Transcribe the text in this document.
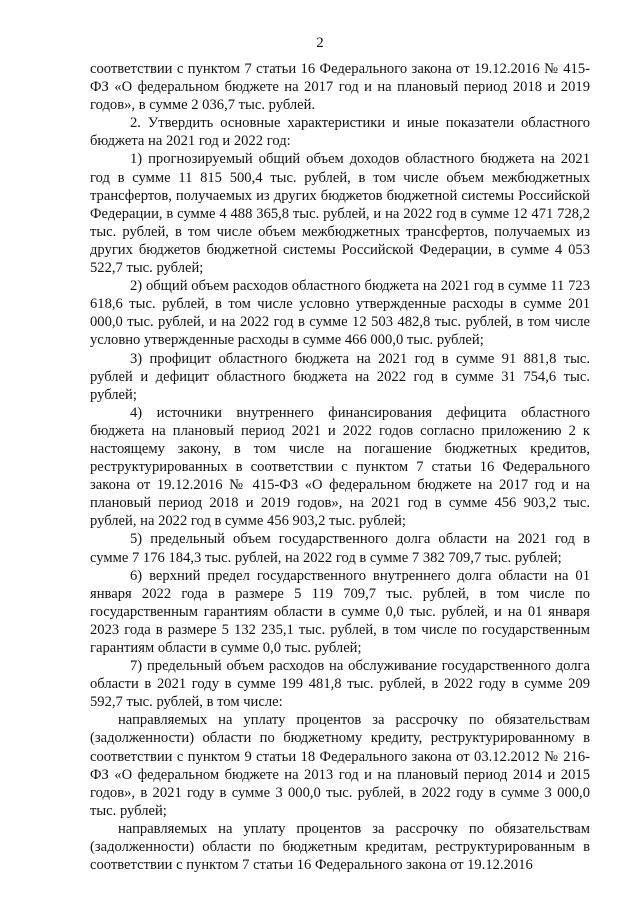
2

соответствии с пунктом 7 статьи 16 Федерального закона от 19.12.2016 № 415-ФЗ «О федеральном бюджете на 2017 год и на плановый период 2018 и 2019 годов», в сумме 2 036,7 тыс. рублей.

2. Утвердить основные характеристики и иные показатели областного бюджета на 2021 год и 2022 год:

1) прогнозируемый общий объем доходов областного бюджета на 2021 год в сумме 11 815 500,4 тыс. рублей, в том числе объем межбюджетных трансфертов, получаемых из других бюджетов бюджетной системы Российской Федерации, в сумме 4 488 365,8 тыс. рублей, и на 2022 год в сумме 12 471 728,2 тыс. рублей, в том числе объем межбюджетных трансфертов, получаемых из других бюджетов бюджетной системы Российской Федерации, в сумме 4 053 522,7 тыс. рублей;

2) общий объем расходов областного бюджета на 2021 год в сумме 11 723 618,6 тыс. рублей, в том числе условно утвержденные расходы в сумме 201 000,0 тыс. рублей, и на 2022 год в сумме 12 503 482,8 тыс. рублей, в том числе условно утвержденные расходы в сумме 466 000,0 тыс. рублей;

3) профицит областного бюджета на 2021 год в сумме 91 881,8 тыс. рублей и дефицит областного бюджета на 2022 год в сумме 31 754,6 тыс. рублей;

4) источники внутреннего финансирования дефицита областного бюджета на плановый период 2021 и 2022 годов согласно приложению 2 к настоящему закону, в том числе на погашение бюджетных кредитов, реструктурированных в соответствии с пунктом 7 статьи 16 Федерального закона от 19.12.2016 № 415-ФЗ «О федеральном бюджете на 2017 год и на плановый период 2018 и 2019 годов», на 2021 год в сумме 456 903,2 тыс. рублей, на 2022 год в сумме 456 903,2 тыс. рублей;

5) предельный объем государственного долга области на 2021 год в сумме 7 176 184,3 тыс. рублей, на 2022 год в сумме 7 382 709,7 тыс. рублей;

6) верхний предел государственного внутреннего долга области на 01 января 2022 года в размере 5 119 709,7 тыс. рублей, в том числе по государственным гарантиям области в сумме 0,0 тыс. рублей, и на 01 января 2023 года в размере 5 132 235,1 тыс. рублей, в том числе по государственным гарантиям области в сумме 0,0 тыс. рублей;

7) предельный объем расходов на обслуживание государственного долга области в 2021 году в сумме 199 481,8 тыс. рублей, в 2022 году в сумме 209 592,7 тыс. рублей, в том числе:

направляемых на уплату процентов за рассрочку по обязательствам (задолженности) области по бюджетному кредиту, реструктурированному в соответствии с пунктом 9 статьи 18 Федерального закона от 03.12.2012 № 216-ФЗ «О федеральном бюджете на 2013 год и на плановый период 2014 и 2015 годов», в 2021 году в сумме 3 000,0 тыс. рублей, в 2022 году в сумме 3 000,0 тыс. рублей;

направляемых на уплату процентов за рассрочку по обязательствам (задолженности) области по бюджетным кредитам, реструктурированным в соответствии с пунктом 7 статьи 16 Федерального закона от 19.12.2016
